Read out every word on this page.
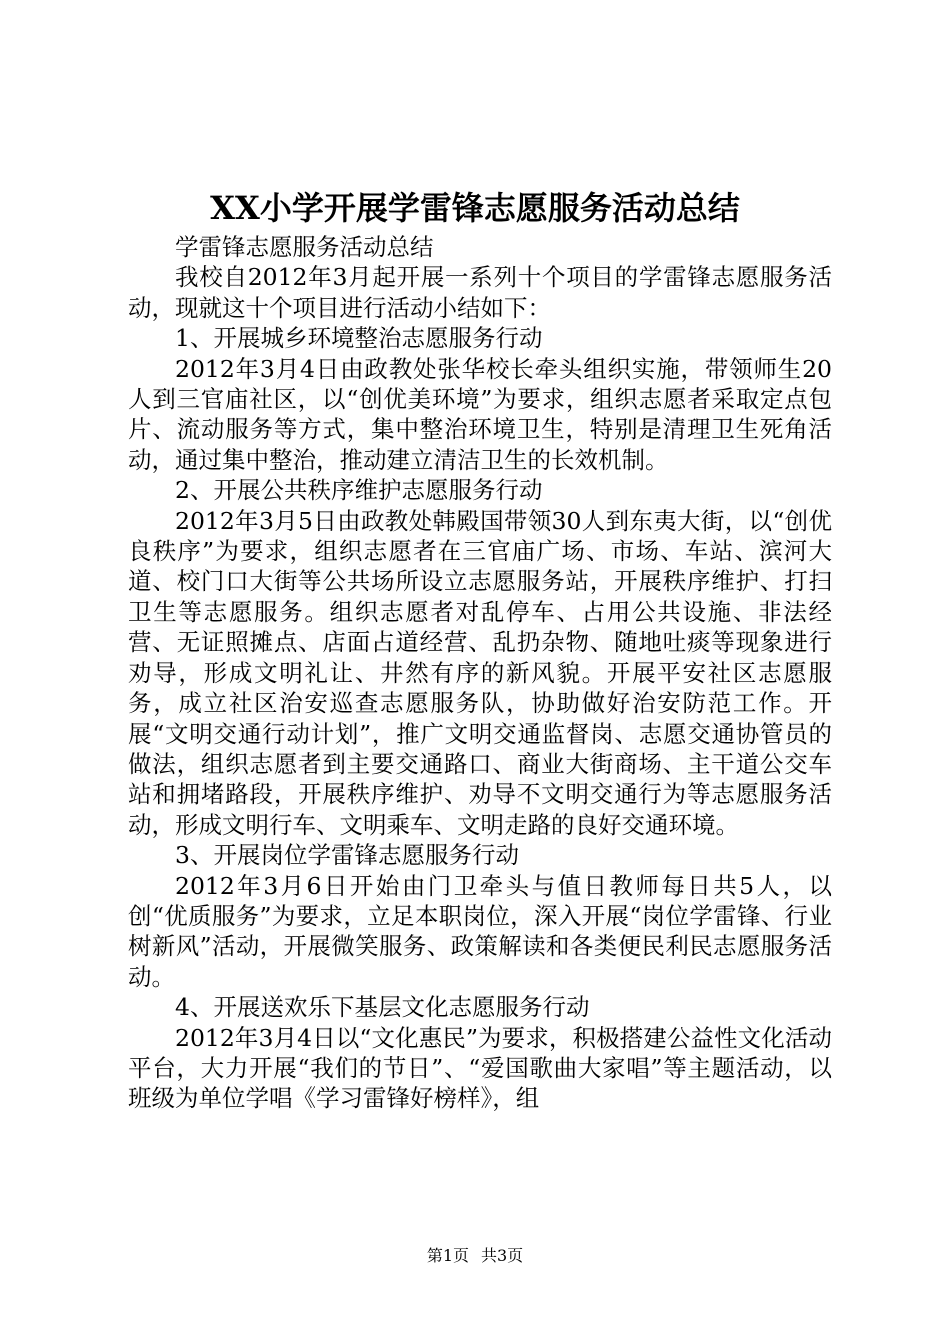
XX小学开展学雷锋志愿服务活动总结

学雷锋志愿服务活动总结

我校自2012年3月起开展一系列十个项目的学雷锋志愿服务活动，现就这十个项目进行活动小结如下：

1、开展城乡环境整治志愿服务行动

2012年3月4日由政教处张华校长牵头组织实施，带领师生20人到三官庙社区，以“创优美环境”为要求，组织志愿者采取定点包片、流动服务等方式，集中整治环境卫生，特别是清理卫生死角活动，通过集中整治，推动建立清洁卫生的长效机制。

2、开展公共秩序维护志愿服务行动

2012年3月5日由政教处韩殿国带领30人到东夷大街，以“创优良秩序”为要求，组织志愿者在三官庙广场、市场、车站、滨河大道、校门口大街等公共场所设立志愿服务站，开展秩序维护、打扫卫生等志愿服务。组织志愿者对乱停车、占用公共设施、非法经营、无证照摊点、店面占道经营、乱扔杂物、随地吐痰等现象进行劝导，形成文明礼让、井然有序的新风貌。开展平安社区志愿服务，成立社区治安巡查志愿服务队，协助做好治安防范工作。开展“文明交通行动计划”，推广文明交通监督岗、志愿交通协管员的做法，组织志愿者到主要交通路口、商业大街商场、主干道公交车站和拥堵路段，开展秩序维护、劝导不文明交通行为等志愿服务活动，形成文明行车、文明乘车、文明走路的良好交通环境。

3、开展岗位学雷锋志愿服务行动

2012年3月6日开始由门卫牵头与值日教师每日共5人，以创“优质服务”为要求，立足本职岗位，深入开展“岗位学雷锋、行业树新风”活动，开展微笑服务、政策解读和各类便民利民志愿服务活动。

4、开展送欢乐下基层文化志愿服务行动

2012年3月4日以“文化惠民”为要求，积极搭建公益性文化活动平台，大力开展“我们的节日”、“爱国歌曲大家唱”等主题活动，以班级为单位学唱《学习雷锋好榜样》，组

第1页 共3页
